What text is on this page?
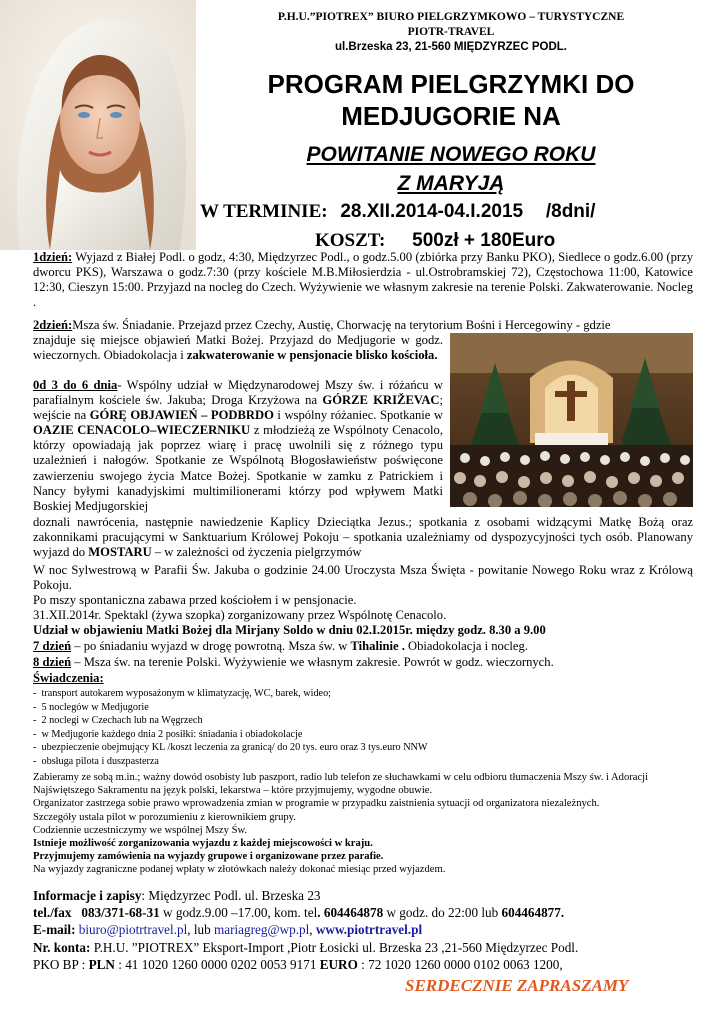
P.H.U.”PIOTREX” BIURO PIELGRZYMKOWO – TURYSTYCZNE
PIOTR-TRAVEL
ul.Brzeska 23, 21-560 MIĘDZYRZEC PODL.
PROGRAM PIELGRZYMKI DO
MEDJUGORIE NA
POWITANIE NOWEGO ROKU
Z MARYJĄ
W TERMINIE: 28.XII.2014-04.I.2015 /8dni/
KOSZT: 500zł + 180Euro
1dzień: Wyjazd z Białej Podl. o godz, 4:30, Międzyrzec Podl., o godz.5.00 (zbiórka przy Banku PKO), Siedlece o godz.6.00 (przy dworcu PKS), Warszawa o godz.7:30 (przy kościele M.B.Miłosierdzia - ul.Ostrobramskiej 72), Częstochowa 11:00, Katowice 12:30, Cieszyn 15:00. Przyjazd na nocleg do Czech. Wyżywienie we własnym zakresie na terenie Polski. Zakwaterowanie. Nocleg .
2dzień:Msza św. Śniadanie. Przejazd przez Czechy, Austię, Chorwację na terytorium Bośni i Hercegowiny - gdzie
znajduje się miejsce objawień Matki Bożej. Przyjazd do Medjugorie w godz. wieczornych. Obiadokolacja i zakwaterowanie w pensjonacie blisko kościoła.
0d 3 do 6 dnia- Wspólny udział w Międzynarodowej Mszy św. i różańcu w parafialnym kościele św. Jakuba; Droga Krzyżowa na GÓRZE KRIŽEVAC; wejście na GÓRĘ OBJAWIEŃ – PODBRDO i wspólny różaniec. Spotkanie w OAZIE CENACOLO–WIECZERNIKU z młodzieżą ze Wspólnoty Cenacolo, którzy opowiadają jak poprzez wiarę i pracę uwolnili się z różnego typu uzależnień i nałogów. Spotkanie ze Wspólnotą Błogosławieństw poświęcone zawierzeniu swojego życia Matce Bożej. Spotkanie w zamku z Patrickiem i Nancy byłymi kanadyjskimi multimilionerami którzy pod wpływem Matki Boskiej Medjugorskiej
doznali nawrócenia, następnie nawiedzenie Kaplicy Dzieciątka Jezus.; spotkania z osobami widzącymi Matkę Bożą oraz zakonnikami pracującymi w Sanktuarium Królowej Pokoju – spotkania uzależniamy od dyspozycyjności tych osób. Planowany wyjazd do MOSTARU – w zależności od życzenia pielgrzymów

W noc Sylwestrową w Parafii Św. Jakuba o godzinie 24.00 Uroczysta Msza Święta - powitanie Nowego Roku wraz z Królową Pokoju.

Po mszy spontaniczna zabawa przed kościołem i w pensjonacie.

31.XII.2014r. Spektakl (żywa szopka) zorganizowany przez Wspólnotę Cenacolo.

Udział w objawieniu Matki Bożej dla Mirjany Soldo w dniu 02.I.2015r. między godz. 8.30 a 9.00

7 dzień – po śniadaniu wyjazd w drogę powrotną. Msza św. w Tihalinie . Obiadokolacja i nocleg.
8 dzień – Msza św. na terenie Polski. Wyżywienie we własnym zakresie. Powrót w godz. wieczornych.
Świadczenia:
-  transport autokarem wyposażonym w klimatyzację, WC, barek, wideo;
-  5 noclegów w Medjugorie
-  2 noclegi w Czechach lub na Węgrzech
-  w Medjugorie każdego dnia 2 posiłki: śniadania i obiadokolacje
-  ubezpieczenie obejmujący KL /koszt leczenia za granicą/ do 20 tys. euro oraz 3 tys.euro NNW
-  obsługa pilota i duszpasterza

Zabieramy ze sobą m.in.; ważny dowód osobisty lub paszport, radio lub telefon ze słuchawkami w celu odbioru tłumaczenia Mszy św. i Adoracji Najświętszego Sakramentu na język polski, lekarstwa – które przyjmujemy, wygodne obuwie.

Organizator zastrzega sobie prawo wprowadzenia zmian w programie w przypadku zaistnienia sytuacji od organizatora niezależnych.

Szczegóły ustala pilot w porozumieniu z kierownikiem grupy.

Codziennie uczestniczymy we wspólnej Mszy Św.

Istnieje możliwość zorganizowania wyjazdu z każdej miejscowości w kraju.

Przyjmujemy zamówienia na wyjazdy grupowe i organizowane przez parafie.

Na wyjazdy zagraniczne podanej wpłaty w złotówkach należy dokonać miesiąc przed wyjazdem.

Informacje i zapisy: Międzyrzec Podl. ul. Brzeska 23

tel./fax 083/371-68-31 w godz.9.00 –17.00, kom. tel. 604464878 w godz. do 22:00 lub 604464877.

E-mail: biuro@piotrtravel.pl, lub mariagreg@wp.pl, www.piotrtravel.pl

Nr. konta: P.H.U. ”PIOTREX” Eksport-Import ,Piotr Łosicki ul. Brzeska 23 ,21-560 Międzyrzec Podl.

PKO BP : PLN : 41 1020 1260 0000 0202 0053 9171 EURO : 72 1020 1260 0000 0102 0063 1200,

SERDECZNIE ZAPRASZAMY
